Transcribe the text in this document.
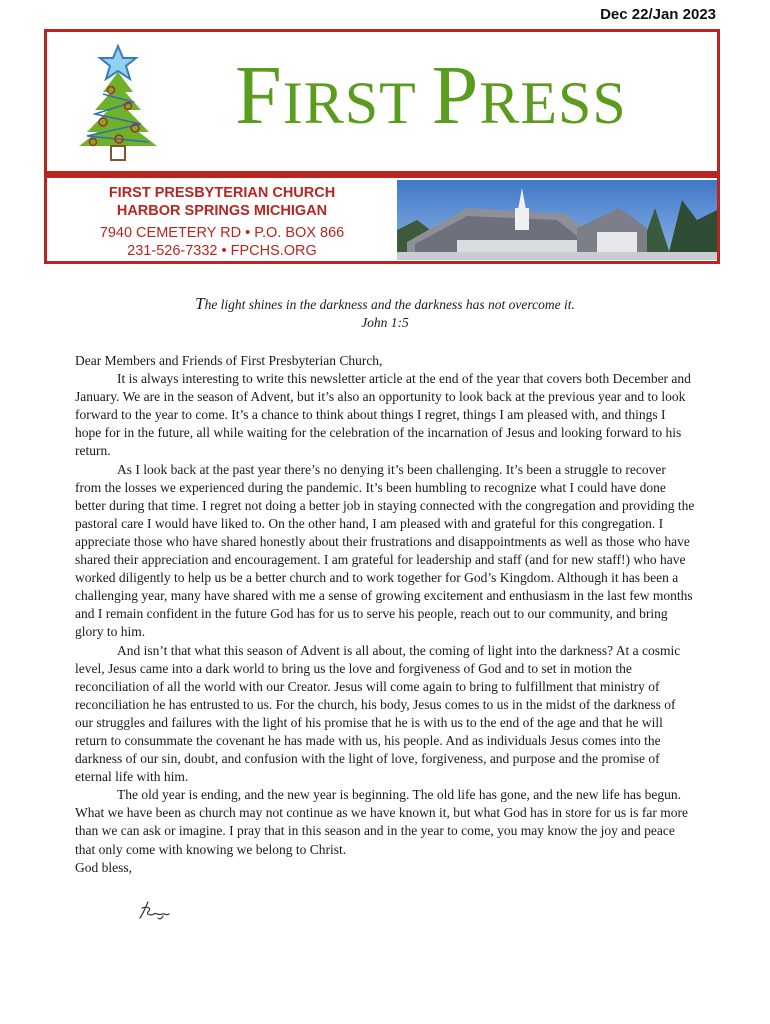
Dec 22/Jan 2023
FIRST PRESS
FIRST PRESBYTERIAN CHURCH
HARBOR SPRINGS MICHIGAN
7940 CEMETERY RD • P.O. BOX 866
231-526-7332 • FPCHS.ORG
The light shines in the darkness and the darkness has not overcome it.
John 1:5

Dear Members and Friends of First Presbyterian Church,

It is always interesting to write this newsletter article at the end of the year that covers both December and January. We are in the season of Advent, but it’s also an opportunity to look back at the previous year and to look forward to the year to come. It’s a chance to think about things I regret, things I am pleased with, and things I hope for in the future, all while waiting for the celebration of the incarnation of Jesus and looking forward to his return.

As I look back at the past year there’s no denying it’s been challenging. It’s been a struggle to recover from the losses we experienced during the pandemic. It’s been humbling to recognize what I could have done better during that time. I regret not doing a better job in staying connected with the congregation and providing the pastoral care I would have liked to. On the other hand, I am pleased with and grateful for this congregation. I appreciate those who have shared honestly about their frustrations and disappointments as well as those who have shared their appreciation and encouragement. I am grateful for leadership and staff (and for new staff!) who have worked diligently to help us be a better church and to work together for God’s Kingdom. Although it has been a challenging year, many have shared with me a sense of growing excitement and enthusiasm in the last few months and I remain confident in the future God has for us to serve his people, reach out to our community, and bring glory to him.

And isn’t that what this season of Advent is all about, the coming of light into the darkness? At a cosmic level, Jesus came into a dark world to bring us the love and forgiveness of God and to set in motion the reconciliation of all the world with our Creator. Jesus will come again to bring to fulfillment that ministry of reconciliation he has entrusted to us. For the church, his body, Jesus comes to us in the midst of the darkness of our struggles and failures with the light of his promise that he is with us to the end of the age and that he will return to consummate the covenant he has made with us, his people. And as individuals Jesus comes into the darkness of our sin, doubt, and confusion with the light of love, forgiveness, and purpose and the promise of eternal life with him.

The old year is ending, and the new year is beginning. The old life has gone, and the new life has begun. What we have been as church may not continue as we have known it, but what God has in store for us is far more than we can ask or imagine. I pray that in this season and in the year to come, you may know the joy and peace that only come with knowing we belong to Christ.

God bless,
